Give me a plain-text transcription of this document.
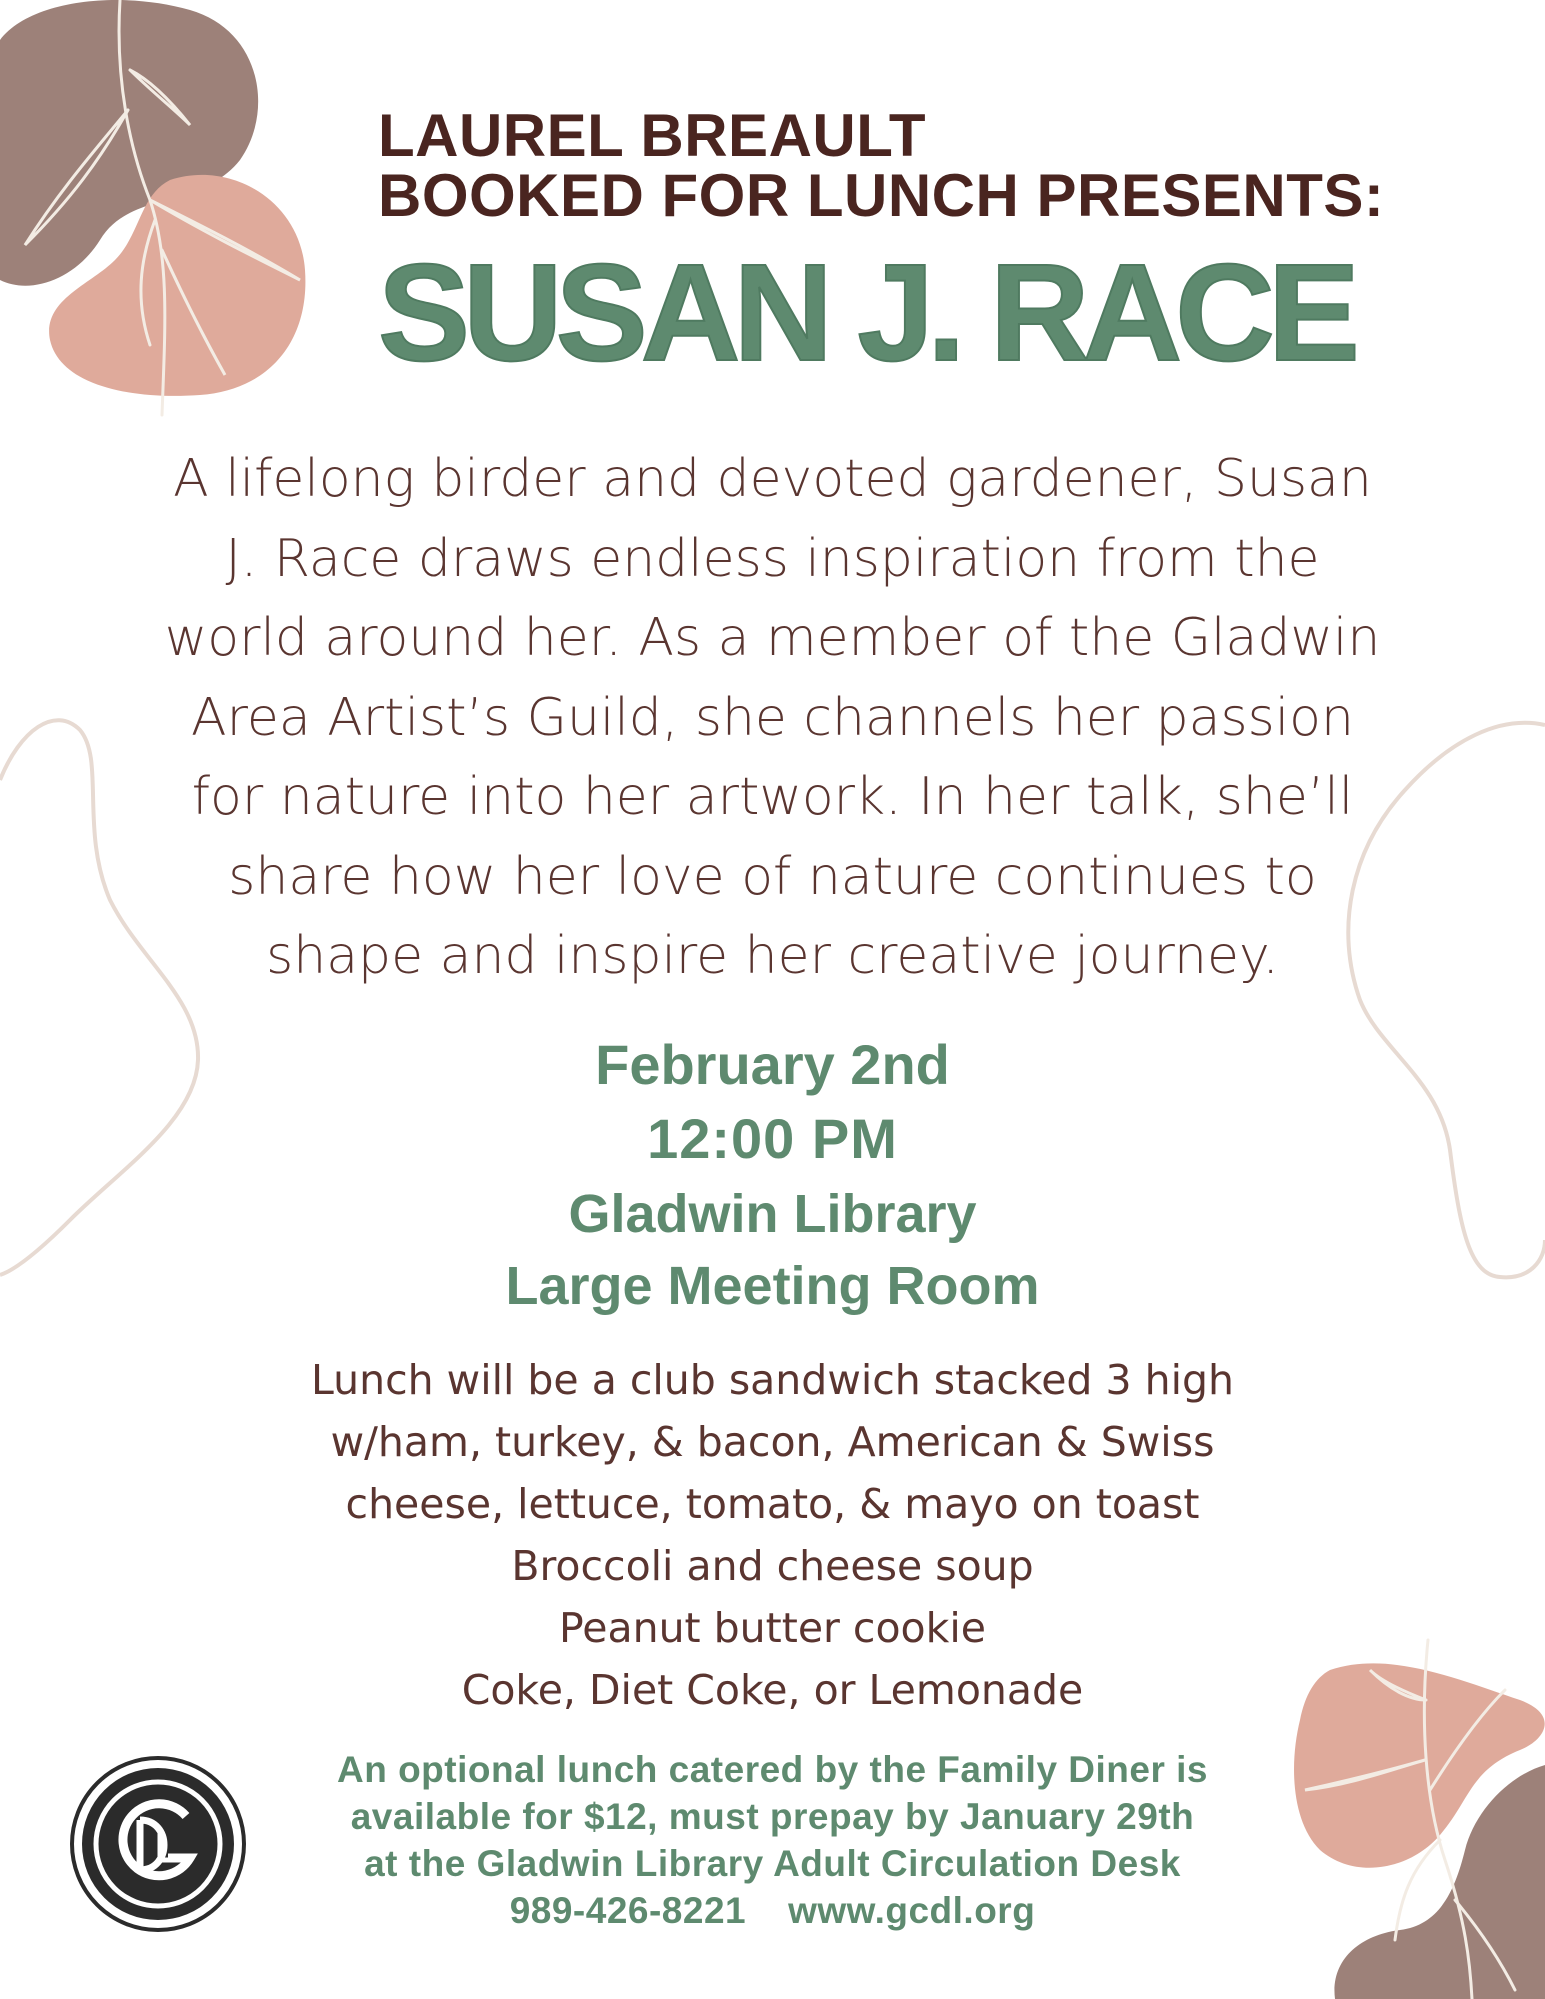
LAUREL BREAULT
BOOKED FOR LUNCH PRESENTS:
SUSAN J. RACE
A lifelong birder and devoted gardener, Susan
J. Race draws endless inspiration from the
world around her. As a member of the Gladwin
Area Artist’s Guild, she channels her passion
for nature into her artwork. In her talk, she’ll
share how her love of nature continues to
shape and inspire her creative journey.
February 2nd
12:00 PM
Gladwin Library
Large Meeting Room
Lunch will be a club sandwich stacked 3 high
w/ham, turkey, & bacon, American & Swiss
cheese, lettuce, tomato, & mayo on toast
Broccoli and cheese soup
Peanut butter cookie
Coke, Diet Coke, or Lemonade
An optional lunch catered by the Family Diner is
available for $12, must prepay by January 29th
at the Gladwin Library Adult Circulation Desk
989-426-8221 www.gcdl.org
